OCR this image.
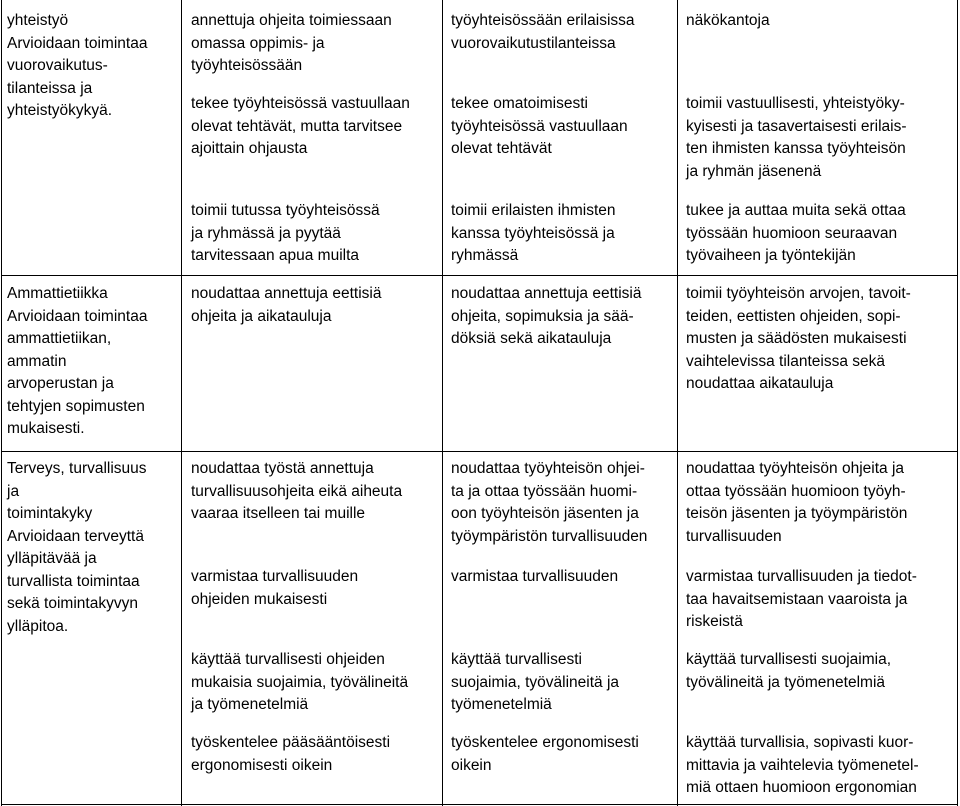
yhteistyö
Arvioidaan toimintaa
vuorovaikutus-
tilanteissa ja
yhteistyökykyä.
annettuja ohjeita toimiessaan
omassa oppimis- ja
työyhteisössään
työyhteisössään erilaisissa
vuorovaikutustilanteissa
näkökantoja
tekee työyhteisössä vastuullaan
olevat tehtävät, mutta tarvitsee
ajoittain ohjausta
tekee omatoimisesti
työyhteisössä vastuullaan
olevat tehtävät
toimii vastuullisesti, yhteistyöky-
kyisesti ja tasavertaisesti erilais-
ten ihmisten kanssa työyhteisön
ja ryhmän jäsenenä
toimii tutussa työyhteisössä
ja ryhmässä ja pyytää
tarvitessaan apua muilta
toimii erilaisten ihmisten
kanssa työyhteisössä ja
ryhmässä
tukee ja auttaa muita sekä ottaa
työssään huomioon seuraavan
työvaiheen ja työntekijän
Ammattietiikka
Arvioidaan toimintaa
ammattietiikan,
ammatin
arvoperustan ja
tehtyjen sopimusten
mukaisesti.
noudattaa annettuja eettisiä
ohjeita ja aikatauluja
noudattaa annettuja eettisiä
ohjeita, sopimuksia ja sää-
döksiä sekä aikatauluja
toimii työyhteisön arvojen, tavoit-
teiden, eettisten ohjeiden, sopi-
musten ja säädösten mukaisesti
vaihtelevissa tilanteissa sekä
noudattaa aikatauluja
Terveys, turvallisuus
ja
toimintakyky
Arvioidaan terveyttä
ylläpitävää ja
turvallista toimintaa
sekä toimintakyvyn
ylläpitoa.
noudattaa työstä annettuja
turvallisuusohjeita eikä aiheuta
vaaraa itselleen tai muille
noudattaa työyhteisön ohjei-
ta ja ottaa työssään huomi-
oon työyhteisön jäsenten ja
työympäristön turvallisuuden
noudattaa työyhteisön ohjeita ja
ottaa työssään huomioon työyh-
teisön jäsenten ja työympäristön
turvallisuuden
varmistaa turvallisuuden
ohjeiden mukaisesti
varmistaa turvallisuuden	varmistaa turvallisuuden ja tiedot-
taa havaitsemistaan vaaroista ja
riskeistä
käyttää turvallisesti ohjeiden
mukaisia suojaimia, työvälineitä
ja työmenetelmiä
käyttää turvallisesti
suojaimia, työvälineitä ja
työmenetelmiä
käyttää turvallisesti suojaimia,
työvälineitä ja työmenetelmiä
työskentelee pääsääntöisesti
ergonomisesti oikein
työskentelee ergonomisesti
oikein
käyttää turvallisia, sopivasti kuor-
mittavia ja vaihtelevia työmenetel-
miä ottaen huomioon ergonomian
